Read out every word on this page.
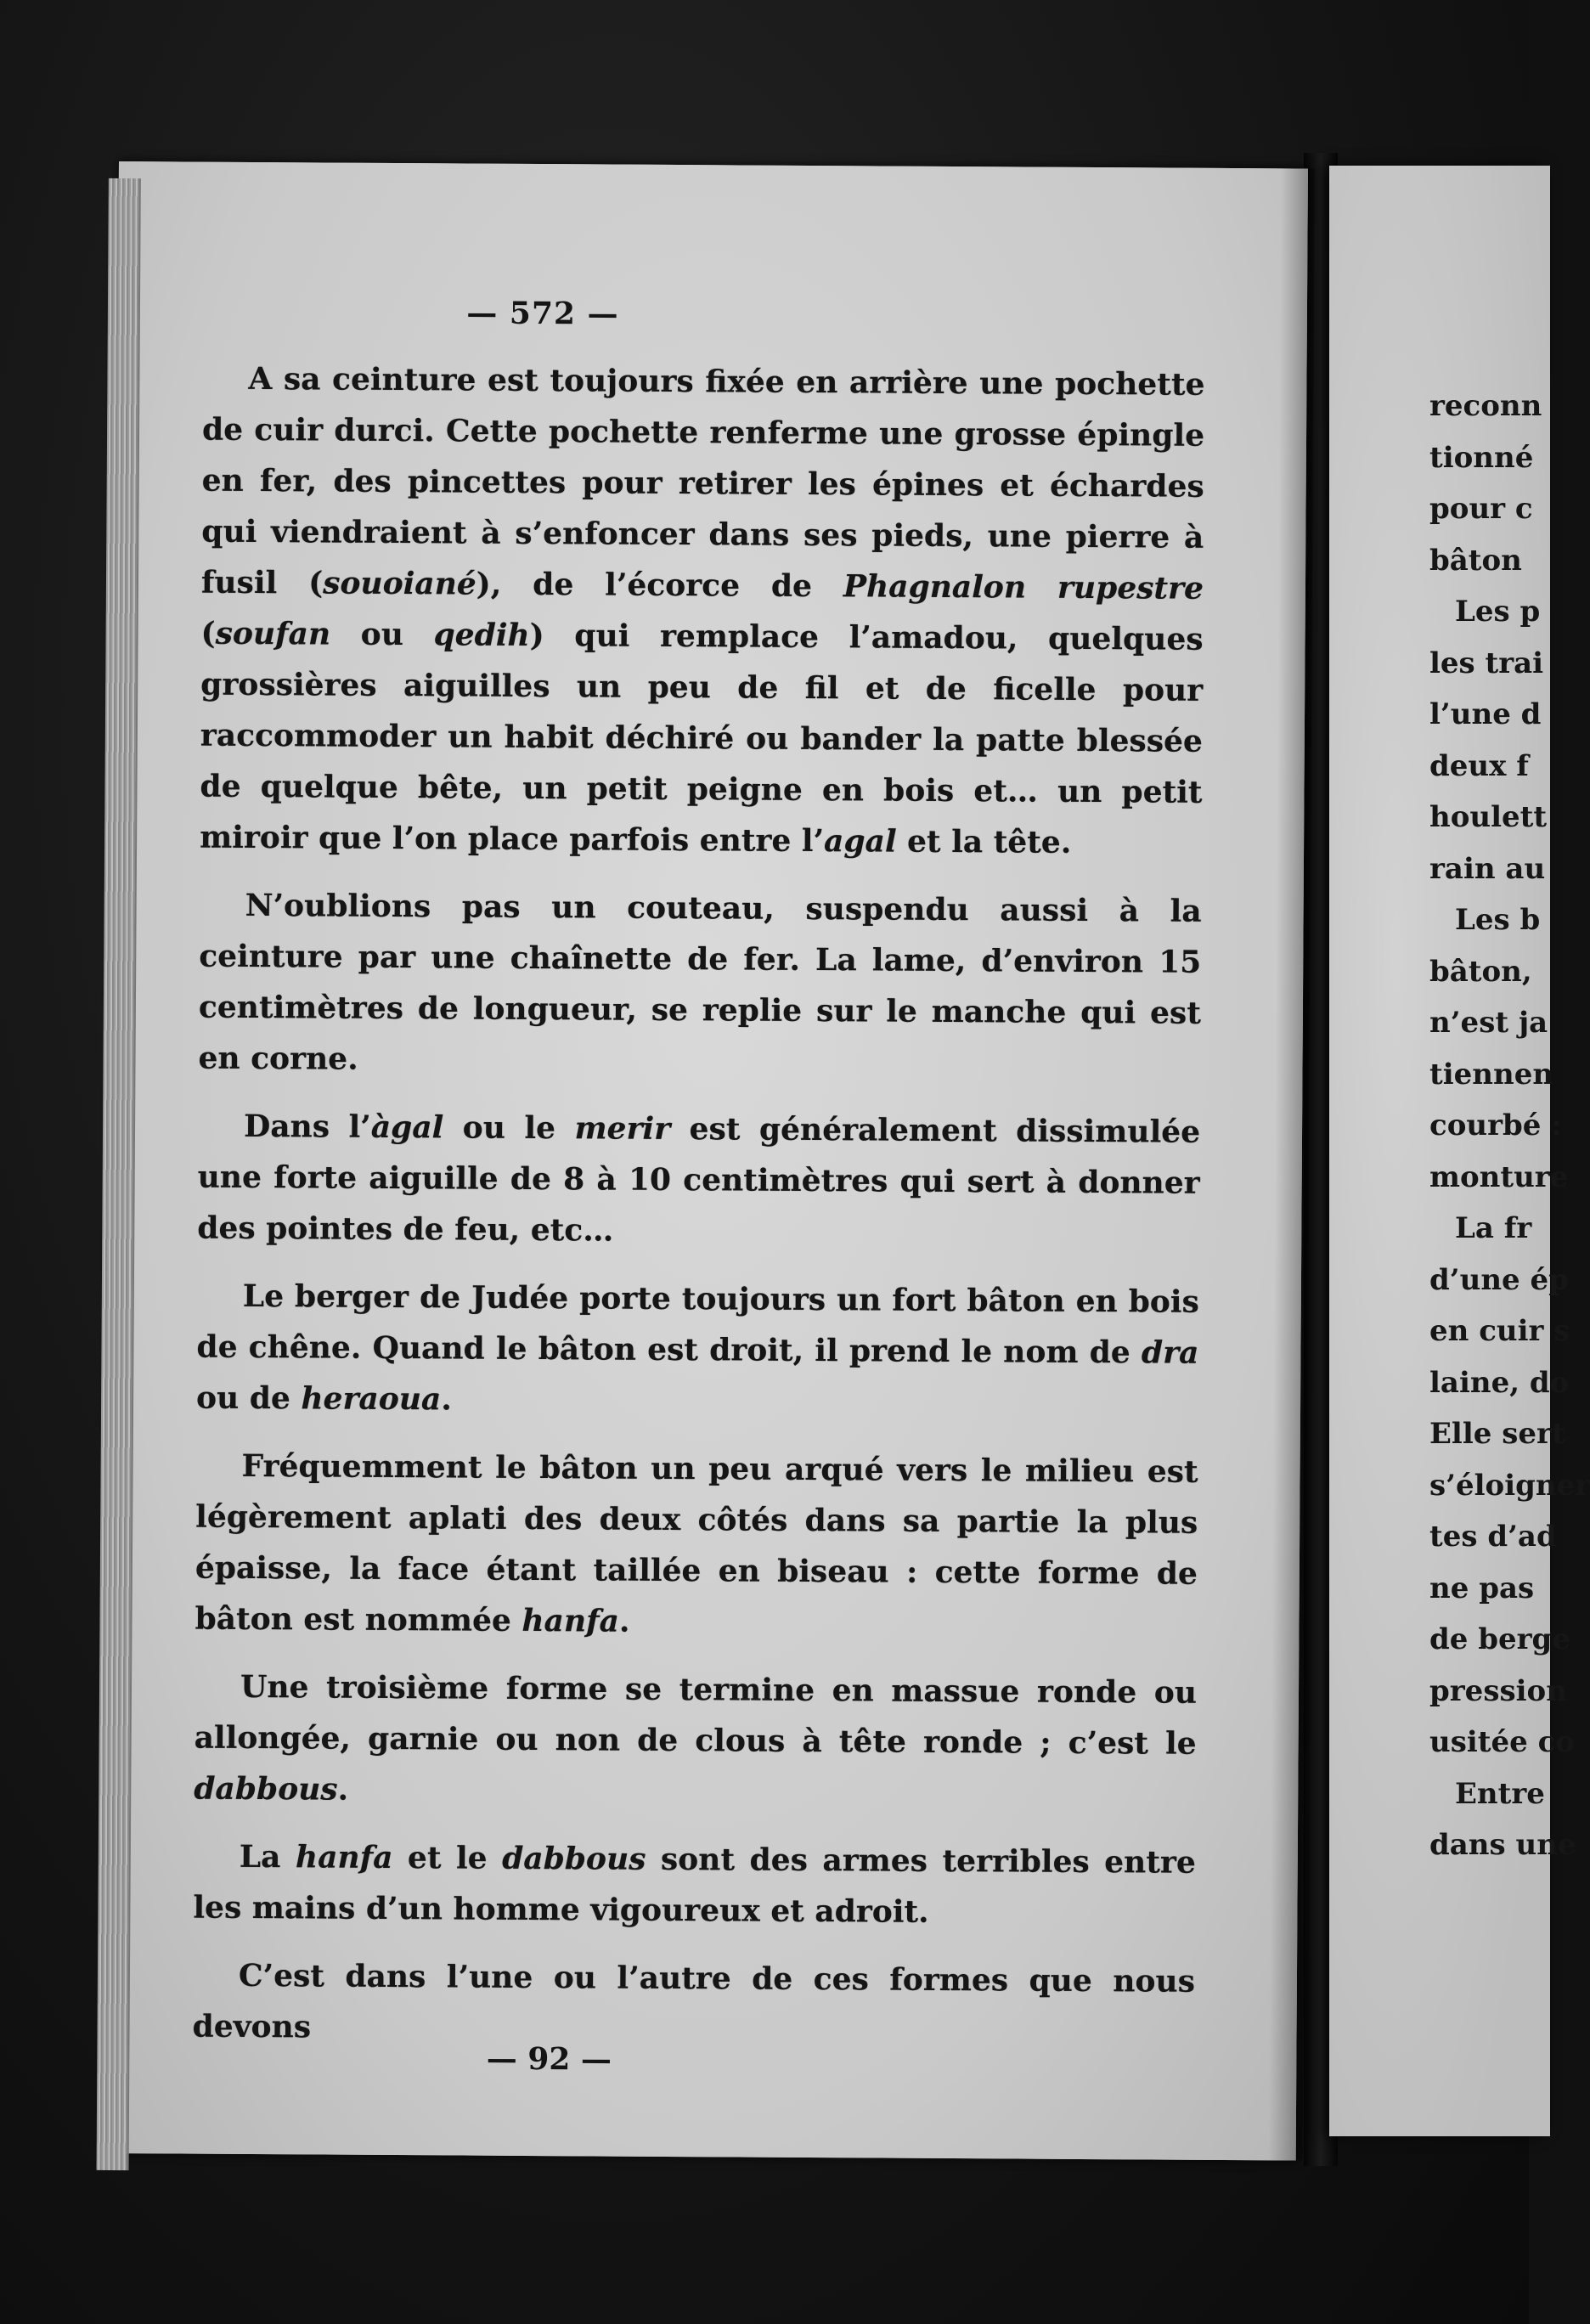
reconn
tionné
pour c
bâton
Les p
les trai
l’une d
deux f
houlett
rain au
Les b
bâton,
n’est ja
tiennen
courbé :
monture
La fr
d’une ép
en cuir s
laine, do
Elle sert
s’éloigner
tes d’ad
ne pas
de berge
pression
usitée co
Entre
dans une
— 572 —

A sa ceinture est toujours fixée en arrière une pochette de cuir durci. Cette pochette renferme une grosse épingle en fer, des pincettes pour retirer les épines et échardes qui viendraient à s’enfoncer dans ses pieds, une pierre à fusil (souoiané), de l’écorce de Phagnalon rupestre (soufan ou qedih) qui remplace l’amadou, quelques grossières aiguilles un peu de fil et de ficelle pour raccommoder un habit déchiré ou bander la patte blessée de quelque bête, un petit peigne en bois et… un petit miroir que l’on place parfois entre l’agal et la tête.

N’oublions pas un couteau, suspendu aussi à la ceinture par une chaînette de fer. La lame, d’environ 15 centimètres de longueur, se replie sur le manche qui est en corne.

Dans l’àgal ou le merir est généralement dissimulée une forte aiguille de 8 à 10 centimètres qui sert à donner des pointes de feu, etc…

Le berger de Judée porte toujours un fort bâton en bois de chêne. Quand le bâton est droit, il prend le nom de dra ou de heraoua.

Fréquemment le bâton un peu arqué vers le milieu est légèrement aplati des deux côtés dans sa partie la plus épaisse, la face étant taillée en biseau : cette forme de bâton est nommée hanfa.

Une troisième forme se termine en massue ronde ou allongée, garnie ou non de clous à tête ronde ; c’est le dabbous.

La hanfa et le dabbous sont des armes terribles entre les mains d’un homme vigoureux et adroit.

C’est dans l’une ou l’autre de ces formes que nous devons

— 92 —
